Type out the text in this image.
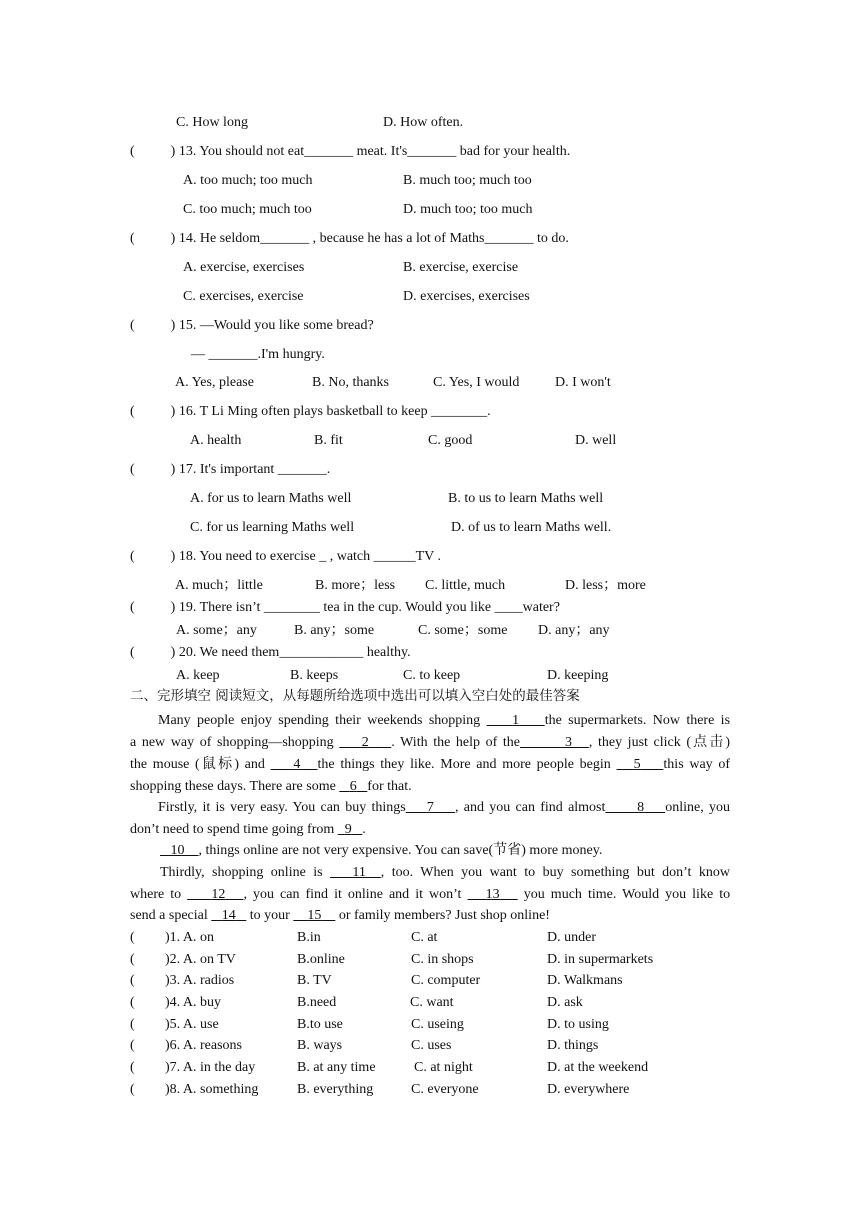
C. How long	D. How often.
(	) 13. You should not eat_______ meat. It's_______ bad for your health.
A. too much; too much	B. much too; much too
C. too much; much too	D. much too; too much
(	) 14. He seldom_______ , because he has a lot of Maths_______ to do.
A. exercise, exercises	B. exercise, exercise
C. exercises, exercise	D. exercises, exercises
(	) 15. —Would you like some bread?
— _______.I'm hungry.
A. Yes, please	B. No, thanks	C. Yes, I would	D. I won't
(	) 16. T Li Ming often plays basketball to keep ________.
A. health	B. fit	C. good	D. well
(	) 17. It's important _______.
A. for us to learn Maths well	B. to us to learn Maths well
C. for us learning Maths well	D. of us to learn Maths well.
(	) 18. You need to exercise _ , watch ______TV .
A. much；little	B. more；less C. little, much	D. less；more
(	) 19. There isn’t ________ tea in the cup. Would you like ____water?
A. some；any	B. any；some	C. some；some D. any；any
(	) 20. We need them____________ healthy.
A. keep	B. keeps	C. to keep	D. keeping
二、完形填空 阅读短文，从每题所给选项中选出可以填入空白处的最佳答案
Many people enjoy spending their weekends shopping 1 the supermarkets. Now there is
a new way of shopping—shopping 2 . With the help of the	3 , they just click (点击)
the mouse (鼠标) and 4 the things they like. More and more people begin 5 this way of
shopping these days. There are some 6 for that.
Firstly, it is very easy. You can buy things 7 , and you can find almost 8 online, you
don’t need to spend time going from 9 .
10 , things online are not very expensive. You can save(节省) more money.
Thirdly, shopping online is 11 , too. When you want to buy something but don’t know
where to 12 , you can find it online and it won’t 13 you much time. Would you like to
send a special 14 to your 15 or family members? Just shop online!
( )1. A. on	B.in	C. at	D. under
( )2. A. on TV	B.online	C. in shops	D. in supermarkets
( )3. A. radios	B. TV	C. computer	D. Walkmans
( )4. A. buy	B.need	C. want	D. ask
( )5. A. use	B.to use	C. useing	D. to using
( )6. A. reasons	B. ways	C. uses	D. things
( )7. A. in the day	B. at any time	C. at night	D. at the weekend
( )8. A. something	B. everything	C. everyone	D. everywhere
